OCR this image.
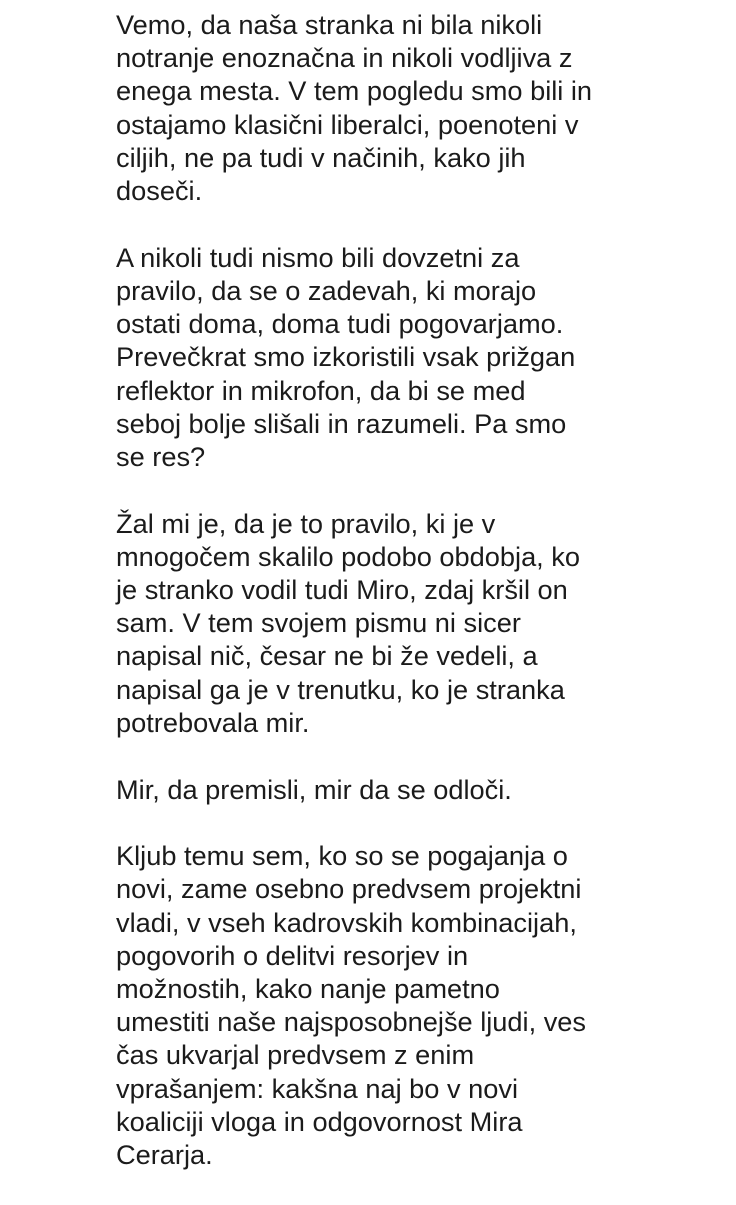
Vemo, da naša stranka ni bila nikoli
notranje enoznačna in nikoli vodljiva z
enega mesta. V tem pogledu smo bili in
ostajamo klasični liberalci, poenoteni v
ciljih, ne pa tudi v načinih, kako jih
doseči.

A nikoli tudi nismo bili dovzetni za
pravilo, da se o zadevah, ki morajo
ostati doma, doma tudi pogovarjamo.
Prevečkrat smo izkoristili vsak prižgan
reflektor in mikrofon, da bi se med
seboj bolje slišali in razumeli. Pa smo
se res?

Žal mi je, da je to pravilo, ki je v
mnogočem skalilo podobo obdobja, ko
je stranko vodil tudi Miro, zdaj kršil on
sam. V tem svojem pismu ni sicer
napisal nič, česar ne bi že vedeli, a
napisal ga je v trenutku, ko je stranka
potrebovala mir.

Mir, da premisli, mir da se odloči.

Kljub temu sem, ko so se pogajanja o
novi, zame osebno predvsem projektni
vladi, v vseh kadrovskih kombinacijah,
pogovorih o delitvi resorjev in
možnostih, kako nanje pametno
umestiti naše najsposobnejše ljudi, ves
čas ukvarjal predvsem z enim
vprašanjem: kakšna naj bo v novi
koaliciji vloga in odgovornost Mira
Cerarja.
